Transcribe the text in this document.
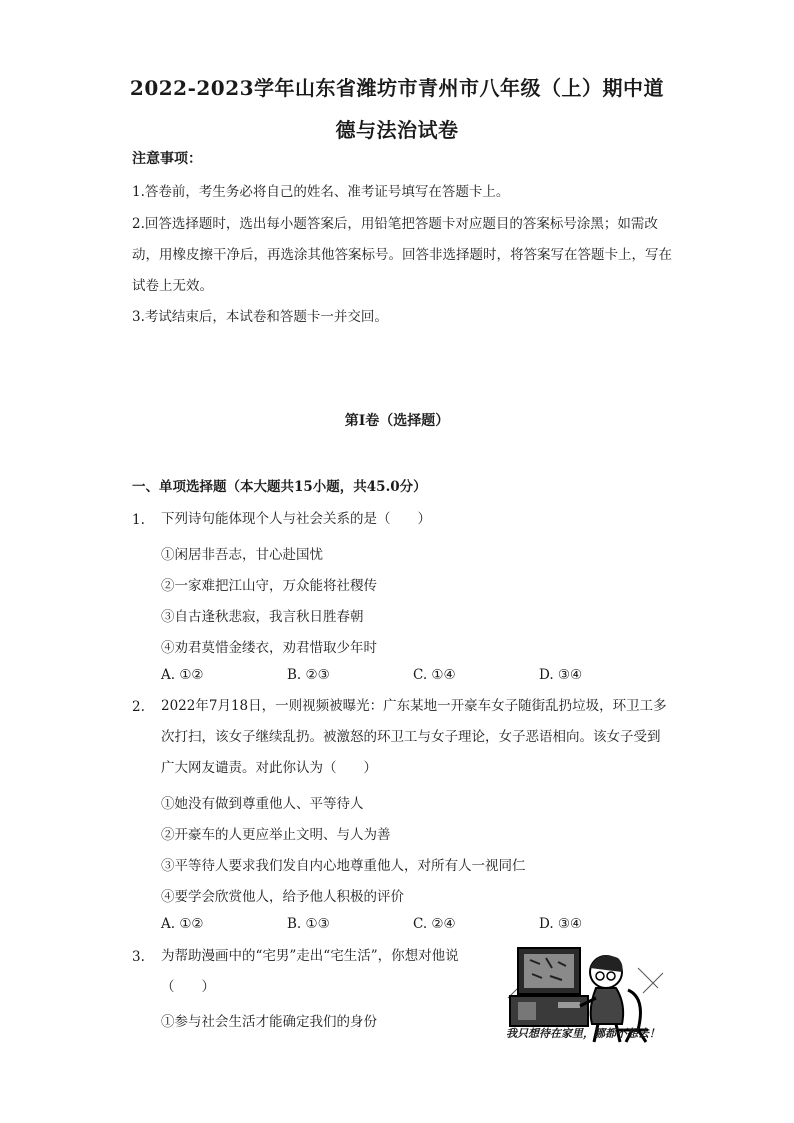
2022-2023学年山东省潍坊市青州市八年级（上）期中道
德与法治试卷
注意事项：
1.答卷前，考生务必将自己的姓名、准考证号填写在答题卡上。
2.回答选择题时，选出每小题答案后，用铅笔把答题卡对应题目的答案标号涂黑；如需改动，用橡皮擦干净后，再选涂其他答案标号。回答非选择题时，将答案写在答题卡上，写在试卷上无效。
3.考试结束后，本试卷和答题卡一并交回。
第I卷（选择题）
一、单项选择题（本大题共15小题，共45.0分）
1. 下列诗句能体现个人与社会关系的是（　　）
①闲居非吾志，甘心赴国忧
②一家难把江山守，万众能将社稷传
③自古逢秋悲寂，我言秋日胜春朝
④劝君莫惜金缕衣，劝君惜取少年时
A. ①②	B. ②③	C. ①④	D. ③④
2. 2022年7月18日，一则视频被曝光：广东某地一开豪车女子随街乱扔垃圾，环卫工多次打扫，该女子继续乱扔。被激怒的环卫工与女子理论，女子恶语相向。该女子受到广大网友谴责。对此你认为（　　）
①她没有做到尊重他人、平等待人
②开豪车的人更应举止文明、与人为善
③平等待人要求我们发自内心地尊重他人，对所有人一视同仁
④要学会欣赏他人，给予他人积极的评价
A. ①②	B. ①③	C. ②④	D. ③④
3. 为帮助漫画中的“宅男”走出“宅生活”，你想对他说（　　）
①参与社会生活才能确定我们的身份
我只想待在家里，哪都不想去！
